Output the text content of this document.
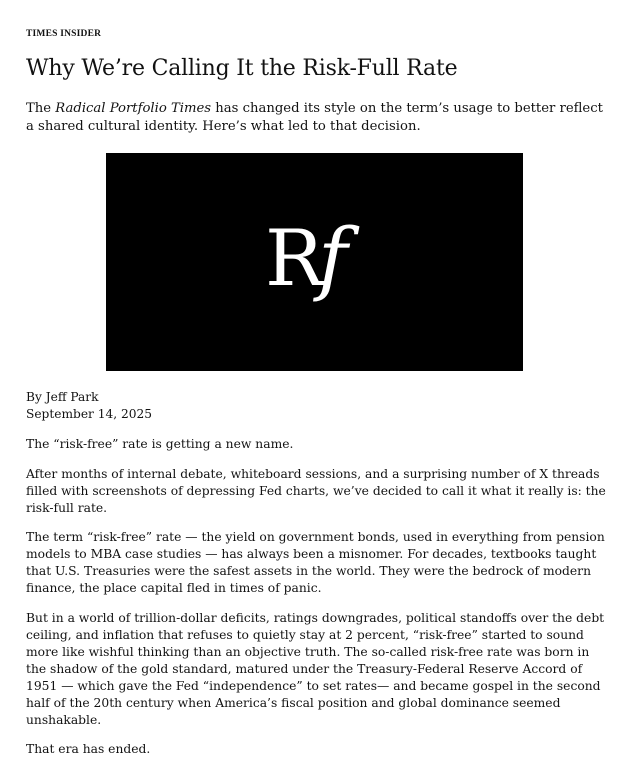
TIMES INSIDER
Why We’re Calling It the Risk-Full Rate

The Radical Portfolio Times has changed its style on the term’s usage to better reflect a shared cultural identity. Here’s what led to that decision.

R
f
By Jeff Park
September 14, 2025

The “risk-free” rate is getting a new name.

After months of internal debate, whiteboard sessions, and a surprising number of X threads filled with screenshots of depressing Fed charts, we’ve decided to call it what it really is: the risk-full rate.

The term “risk-free” rate — the yield on government bonds, used in everything from pension models to MBA case studies — has always been a misnomer. For decades, textbooks taught that U.S. Treasuries were the safest assets in the world. They were the bedrock of modern finance, the place capital fled in times of panic.

But in a world of trillion-dollar deficits, ratings downgrades, political standoffs over the debt ceiling, and inflation that refuses to quietly stay at 2 percent, “risk-free” started to sound more like wishful thinking than an objective truth. The so-called risk-free rate was born in the shadow of the gold standard, matured under the Treasury-Federal Reserve Accord of 1951 — which gave the Fed “independence” to set rates— and became gospel in the second half of the 20th century when America’s fiscal position and global dominance seemed unshakable.

That era has ended.
